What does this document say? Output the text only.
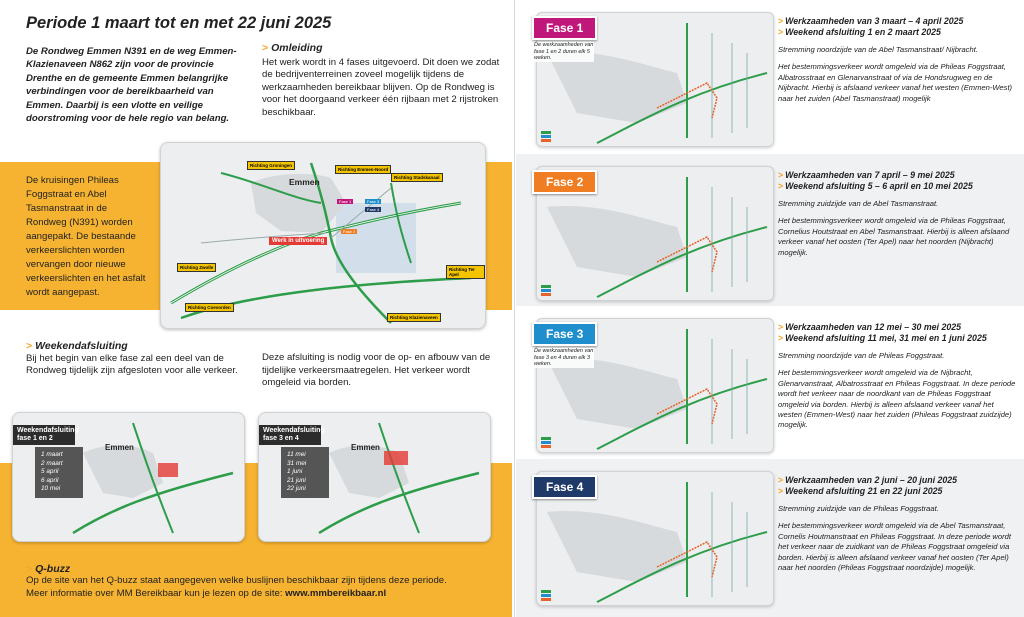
Periode 1 maart tot en met 22 juni 2025
De Rondweg Emmen N391 en de weg Emmen-Klazienaveen N862 zijn voor de provincie Drenthe en de gemeente Emmen belangrijke verbindingen voor de bereikbaarheid van Emmen. Daarbij is een vlotte en veilige doorstroming voor de hele regio van belang.
> Omleiding

Het werk wordt in 4 fases uitgevoerd. Dit doen we zodat de bedrijventerreinen zoveel mogelijk tijdens de werkzaamheden bereikbaar blijven. Op de Rondweg is voor het doorgaand verkeer één rijbaan met 2 rijstroken beschikbaar.

De kruisingen Phileas Foggstraat en Abel Tasmanstraat in de Rondweg (N391) worden aangepakt. De bestaande verkeerslichten worden vervangen door nieuwe verkeerslichten en het asfalt wordt aangepast.
Emmen
Werk in uitvoering
Fase 1	Fase 3
Fase 4
Fase 2
Richting Groningen
Richting Emmen-Noord
Richting Stadskanaal
Richting Zwolle
Richting Coevorden
Richting Ter Apel
Richting Klazienaveen
> Weekendafsluiting

Bij het begin van elke fase zal een deel van de Rondweg tijdelijk zijn afgesloten voor alle verkeer.

Deze afsluiting is nodig voor de op- en afbouw van de tijdelijke verkeersmaatregelen. Het verkeer wordt omgeleid via borden.
Weekendafsluiting fase 1 en 2
Emmen
1 maart
2 maart
5 april
6 april
10 mei
Weekendafsluiting fase 3 en 4
Emmen
11 mei
31 mei
1 juni
21 juni
22 juni
> Q-buzz
Op de site van het Q-buzz staat aangegeven welke buslijnen beschikbaar zijn tijdens deze periode.
Meer informatie over MM Bereikbaar kun je lezen op de site: www.mmbereikbaar.nl
Fase 1
De werkzaamheden van fase 1 en 2 duren elk 5 weken.
> Werkzaamheden van 3 maart – 4 april 2025
> Weekend afsluiting 1 en 2 maart 2025

Stremming noordzijde van de Abel Tasmanstraat/ Nijbracht.

Het bestemmingsverkeer wordt omgeleid via de Phileas Foggstraat, Albatrosstraat en Glenarvanstraat of via de Hondsrugweg en de Nijbracht. Hierbij is afslaand verkeer vanaf het westen (Emmen-West) naar het zuiden (Abel Tasmanstraat) mogelijk

Fase 2	> Werkzaamheden van 7 april – 9 mei 2025
> Weekend afsluiting 5 – 6 april en 10 mei 2025

Stremming zuidzijde van de Abel Tasmanstraat.

Het bestemmingsverkeer wordt omgeleid via de Phileas Foggstraat, Cornelius Houtstraat en Abel Tasmanstraat. Hierbij is alleen afslaand verkeer vanaf het oosten (Ter Apel) naar het noorden (Nijbracht) mogelijk.

Fase 3
De werkzaamheden van fase 3 en 4 duren elk 3 weken.
> Werkzaamheden van 12 mei – 30 mei 2025
> Weekend afsluiting 11 mei, 31 mei en 1 juni 2025

Stremming noordzijde van de Phileas Foggstraat.

Het bestemmingsverkeer wordt omgeleid via de Nijbracht, Glenarvanstraat, Albatrosstraat en Phileas Foggstraat. In deze periode wordt het verkeer naar de noordkant van de Phileas Foggstraat omgeleid via borden. Hierbij is alleen afslaand verkeer vanaf het westen (Emmen-West) naar het zuiden (Phileas Foggstraat zuidzijde) mogelijk.

Fase 4	> Werkzaamheden van 2 juni – 20 juni 2025
> Weekend afsluiting 21 en 22 juni 2025

Stremming zuidzijde van de Phileas Foggstraat.

Het bestemmingsverkeer wordt omgeleid via de Abel Tasmanstraat, Cornelis Houtmanstraat en Phileas Foggstraat. In deze periode wordt het verkeer naar de zuidkant van de Phileas Foggstraat omgeleid via borden. Hierbij is alleen afslaand verkeer vanaf het oosten (Ter Apel) naar het noorden (Phileas Foggstraat noordzijde) mogelijk.
